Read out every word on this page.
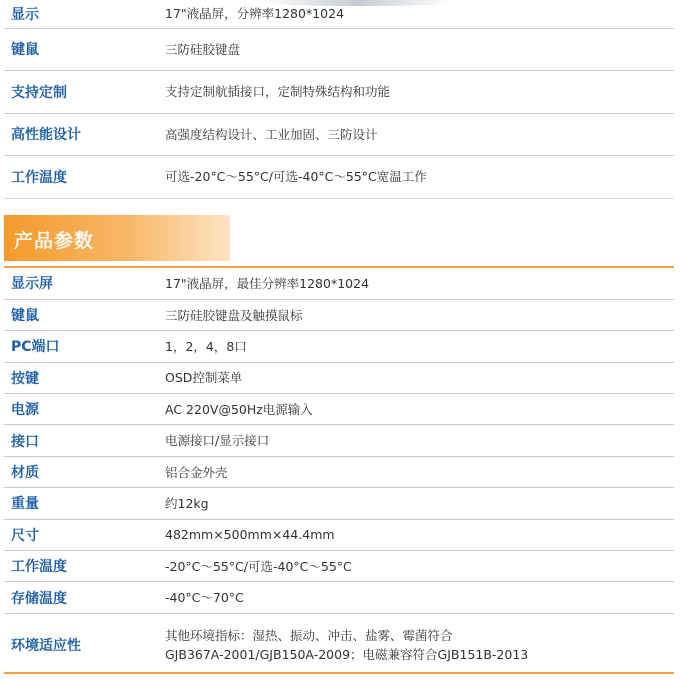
显示	17"液晶屏，分辨率1280*1024
键鼠	三防硅胶键盘
支持定制	支持定制航插接口，定制特殊结构和功能
高性能设计	高强度结构设计、工业加固、三防设计
工作温度	可选-20°C～55°C/可选-40°C～55°C宽温工作
产品参数
显示屏	17"液晶屏，最佳分辨率1280*1024
键鼠	三防硅胶键盘及触摸鼠标
PC端口	1，2，4，8口
按键	OSD控制菜单
电源	AC 220V@50Hz电源输入
接口	电源接口/显示接口
材质	铝合金外壳
重量	约12kg
尺寸	482mm×500mm×44.4mm
工作温度	-20°C～55°C/可选-40°C～55°C
存储温度	-40°C～70°C
环境适应性	其他环境指标：湿热、振动、冲击、盐雾、霉菌符合
GJB367A-2001/GJB150A-2009；电磁兼容符合GJB151B-2013
